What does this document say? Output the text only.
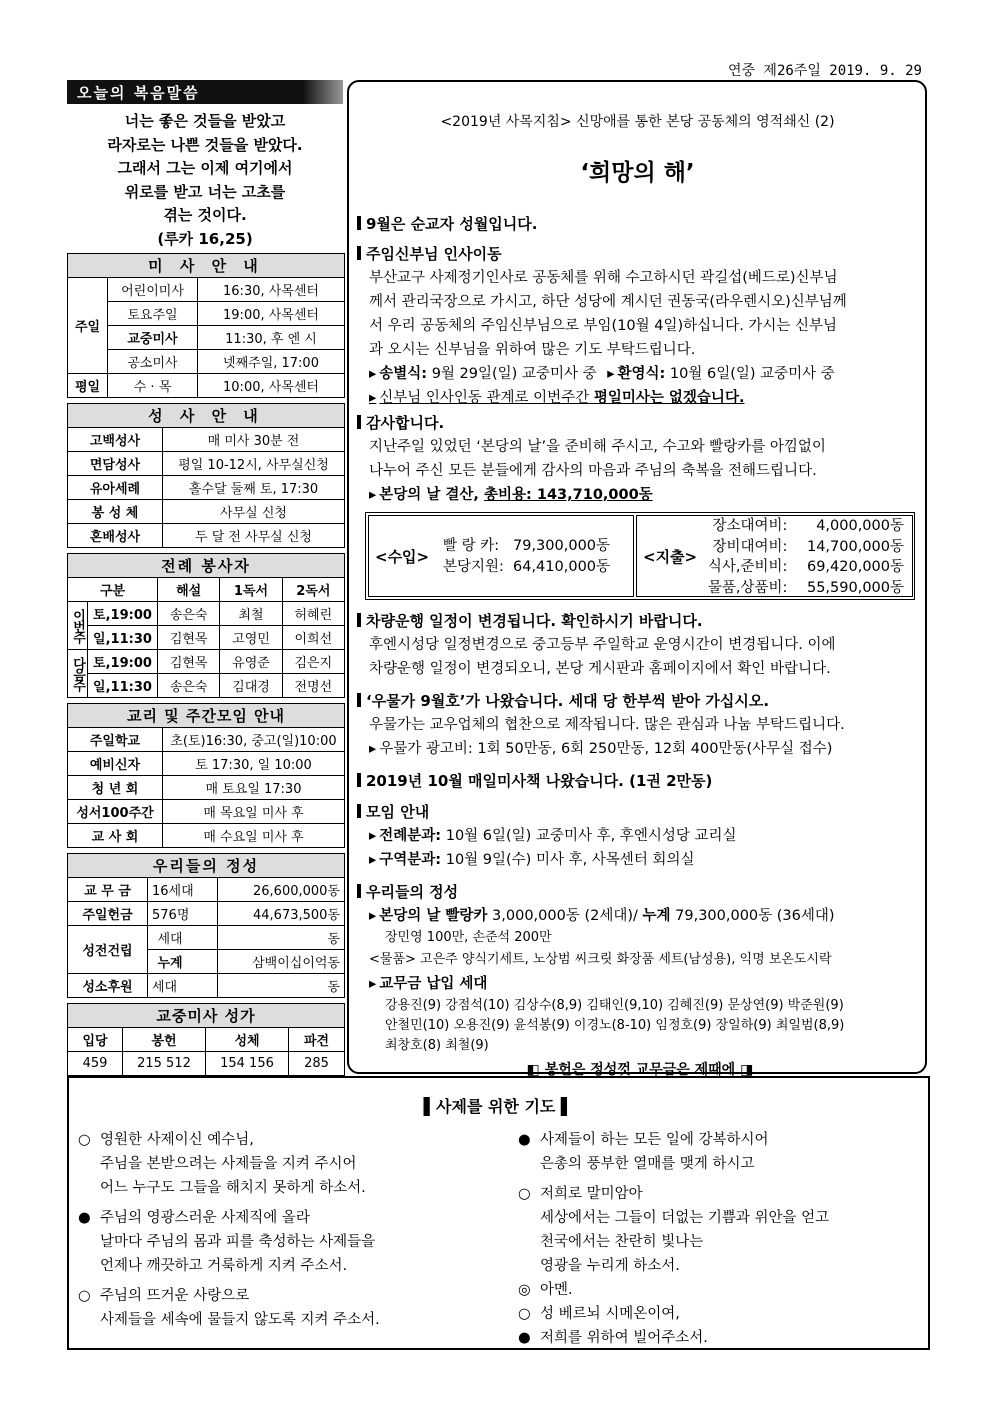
연중 제26주일 2019. 9. 29
오늘의 복음말씀
너는 좋은 것들을 받았고
라자로는 나쁜 것들을 받았다.
그래서 그는 이제 여기에서
위로를 받고 너는 고초를
겪는 것이다.
(루카 16,25)
미 사 안 내		
주일	어린이미사	16:30, 사목센터
	토요주일	19:00, 사목센터
	교중미사	11:30, 후 엔 시
	공소미사	넷째주일, 17:00
평일	수 · 목	10:00, 사목센터
성 사 안 내	
고백성사	매 미사 30분 전
면담성사	평일 10-12시, 사무실신청
유아세례	홀수달 둘째 토, 17:30
봉 성 체	사무실 신청
혼배성사	두 달 전 사무실 신청
전례 봉사자				
구분		해설	1독서	2독서
이번주	토,19:00	송은숙	최철	허혜린
	일,11:30	김현목	고영민	이희선
다음주	토,19:00	김현목	유영준	김은지
	일,11:30	송은숙	김대경	전명선
교리 및 주간모임 안내	
주일학교	초(토)16:30, 중고(일)10:00
예비신자	토 17:30, 일 10:00
청 년 회	매 토요일 17:30
성서100주간	매 목요일 미사 후
교 사 회	매 수요일 미사 후
우리들의 정성			
교 무 금	16세대		26,600,000동
주일헌금	576명		44,673,500동
성전건립		세대	동
		누계	삼백이십이억동
성소후원	세대		동
교중미사 성가			
입당	봉헌	성체	파견
459	215 512	154 156	285
<2019년 사목지침> 신망애를 통한 본당 공동체의 영적쇄신 (2)
‘희망의 해’
9월은 순교자 성월입니다.
주임신부님 인사이동
부산교구 사제정기인사로 공동체를 위해 수고하시던 곽길섭(베드로)신부님
께서 관리국장으로 가시고, 하단 성당에 계시던 권동국(라우렌시오)신부님께
서 우리 공동체의 주임신부님으로 부임(10월 4일)하십니다. 가시는 신부님
과 오시는 신부님을 위하여 많은 기도 부탁드립니다.
▸ 송별식: 9월 29일(일) 교중미사 중 ▸ 환영식: 10월 6일(일) 교중미사 중
▸ 신부님 인사인동 관계로 이번주간 평일미사는 없겠습니다.
감사합니다.
지난주일 있었던 ‘본당의 날’을 준비해 주시고, 수고와 빨랑카를 아낌없이
나누어 주신 모든 분들에게 감사의 마음과 주님의 축복을 전해드립니다.
▸ 본당의 날 결산, 총비용: 143,710,000동
<수입>
빨 랑 카: 79,300,000동
본당지원: 64,410,000동
<지출>
장소대여비: 4,000,000동
장비대여비: 14,700,000동
식사,준비비: 69,420,000동
물품,상품비: 55,590,000동
차량운행 일정이 변경됩니다. 확인하시기 바랍니다.
후엔시성당 일정변경으로 중고등부 주일학교 운영시간이 변경됩니다. 이에
차량운행 일정이 변경되오니, 본당 게시판과 홈페이지에서 확인 바랍니다.
‘우물가 9월호’가 나왔습니다. 세대 당 한부씩 받아 가십시오.
우물가는 교우업체의 협찬으로 제작됩니다. 많은 관심과 나눔 부탁드립니다.
▸ 우물가 광고비: 1회 50만동, 6회 250만동, 12회 400만동(사무실 접수)
2019년 10월 매일미사책 나왔습니다. (1권 2만동)
모임 안내
▸ 전례분과: 10월 6일(일) 교중미사 후, 후엔시성당 교리실
▸ 구역분과: 10월 9일(수) 미사 후, 사목센터 회의실
우리들의 정성
▸ 본당의 날 빨랑카 3,000,000동 (2세대)/ 누계 79,300,000동 (36세대)
장민영 100만, 손준석 200만
<물품> 고은주 양식기세트, 노상범 씨크릿 화장품 세트(남성용), 익명 보온도시락
▸ 교무금 납입 세대
강용진(9) 강점석(10) 김상수(8,9) 김태인(9,10) 김혜진(9) 문상연(9) 박준원(9)
안철민(10) 오용진(9) 윤석봉(9) 이경노(8-10) 임정호(9) 장일하(9) 최일범(8,9)
최창호(8) 최철(9)
◧ 봉헌은 정성껏 교무금은 제때에 ◨
▌사제를 위한 기도 ▌
○ 영원한 사제이신 예수님,
주님을 본받으려는 사제들을 지켜 주시어
어느 누구도 그들을 해치지 못하게 하소서.
● 주님의 영광스러운 사제직에 올라
날마다 주님의 몸과 피를 축성하는 사제들을
언제나 깨끗하고 거룩하게 지켜 주소서.
○ 주님의 뜨거운 사랑으로
사제들을 세속에 물들지 않도록 지켜 주소서.
● 사제들이 하는 모든 일에 강복하시어
은총의 풍부한 열매를 맺게 하시고
○ 저희로 말미암아
세상에서는 그들이 더없는 기쁨과 위안을 얻고
천국에서는 찬란히 빛나는
영광을 누리게 하소서.
◎ 아멘.
○ 성 베르뇌 시메온이여,
● 저희를 위하여 빌어주소서.
